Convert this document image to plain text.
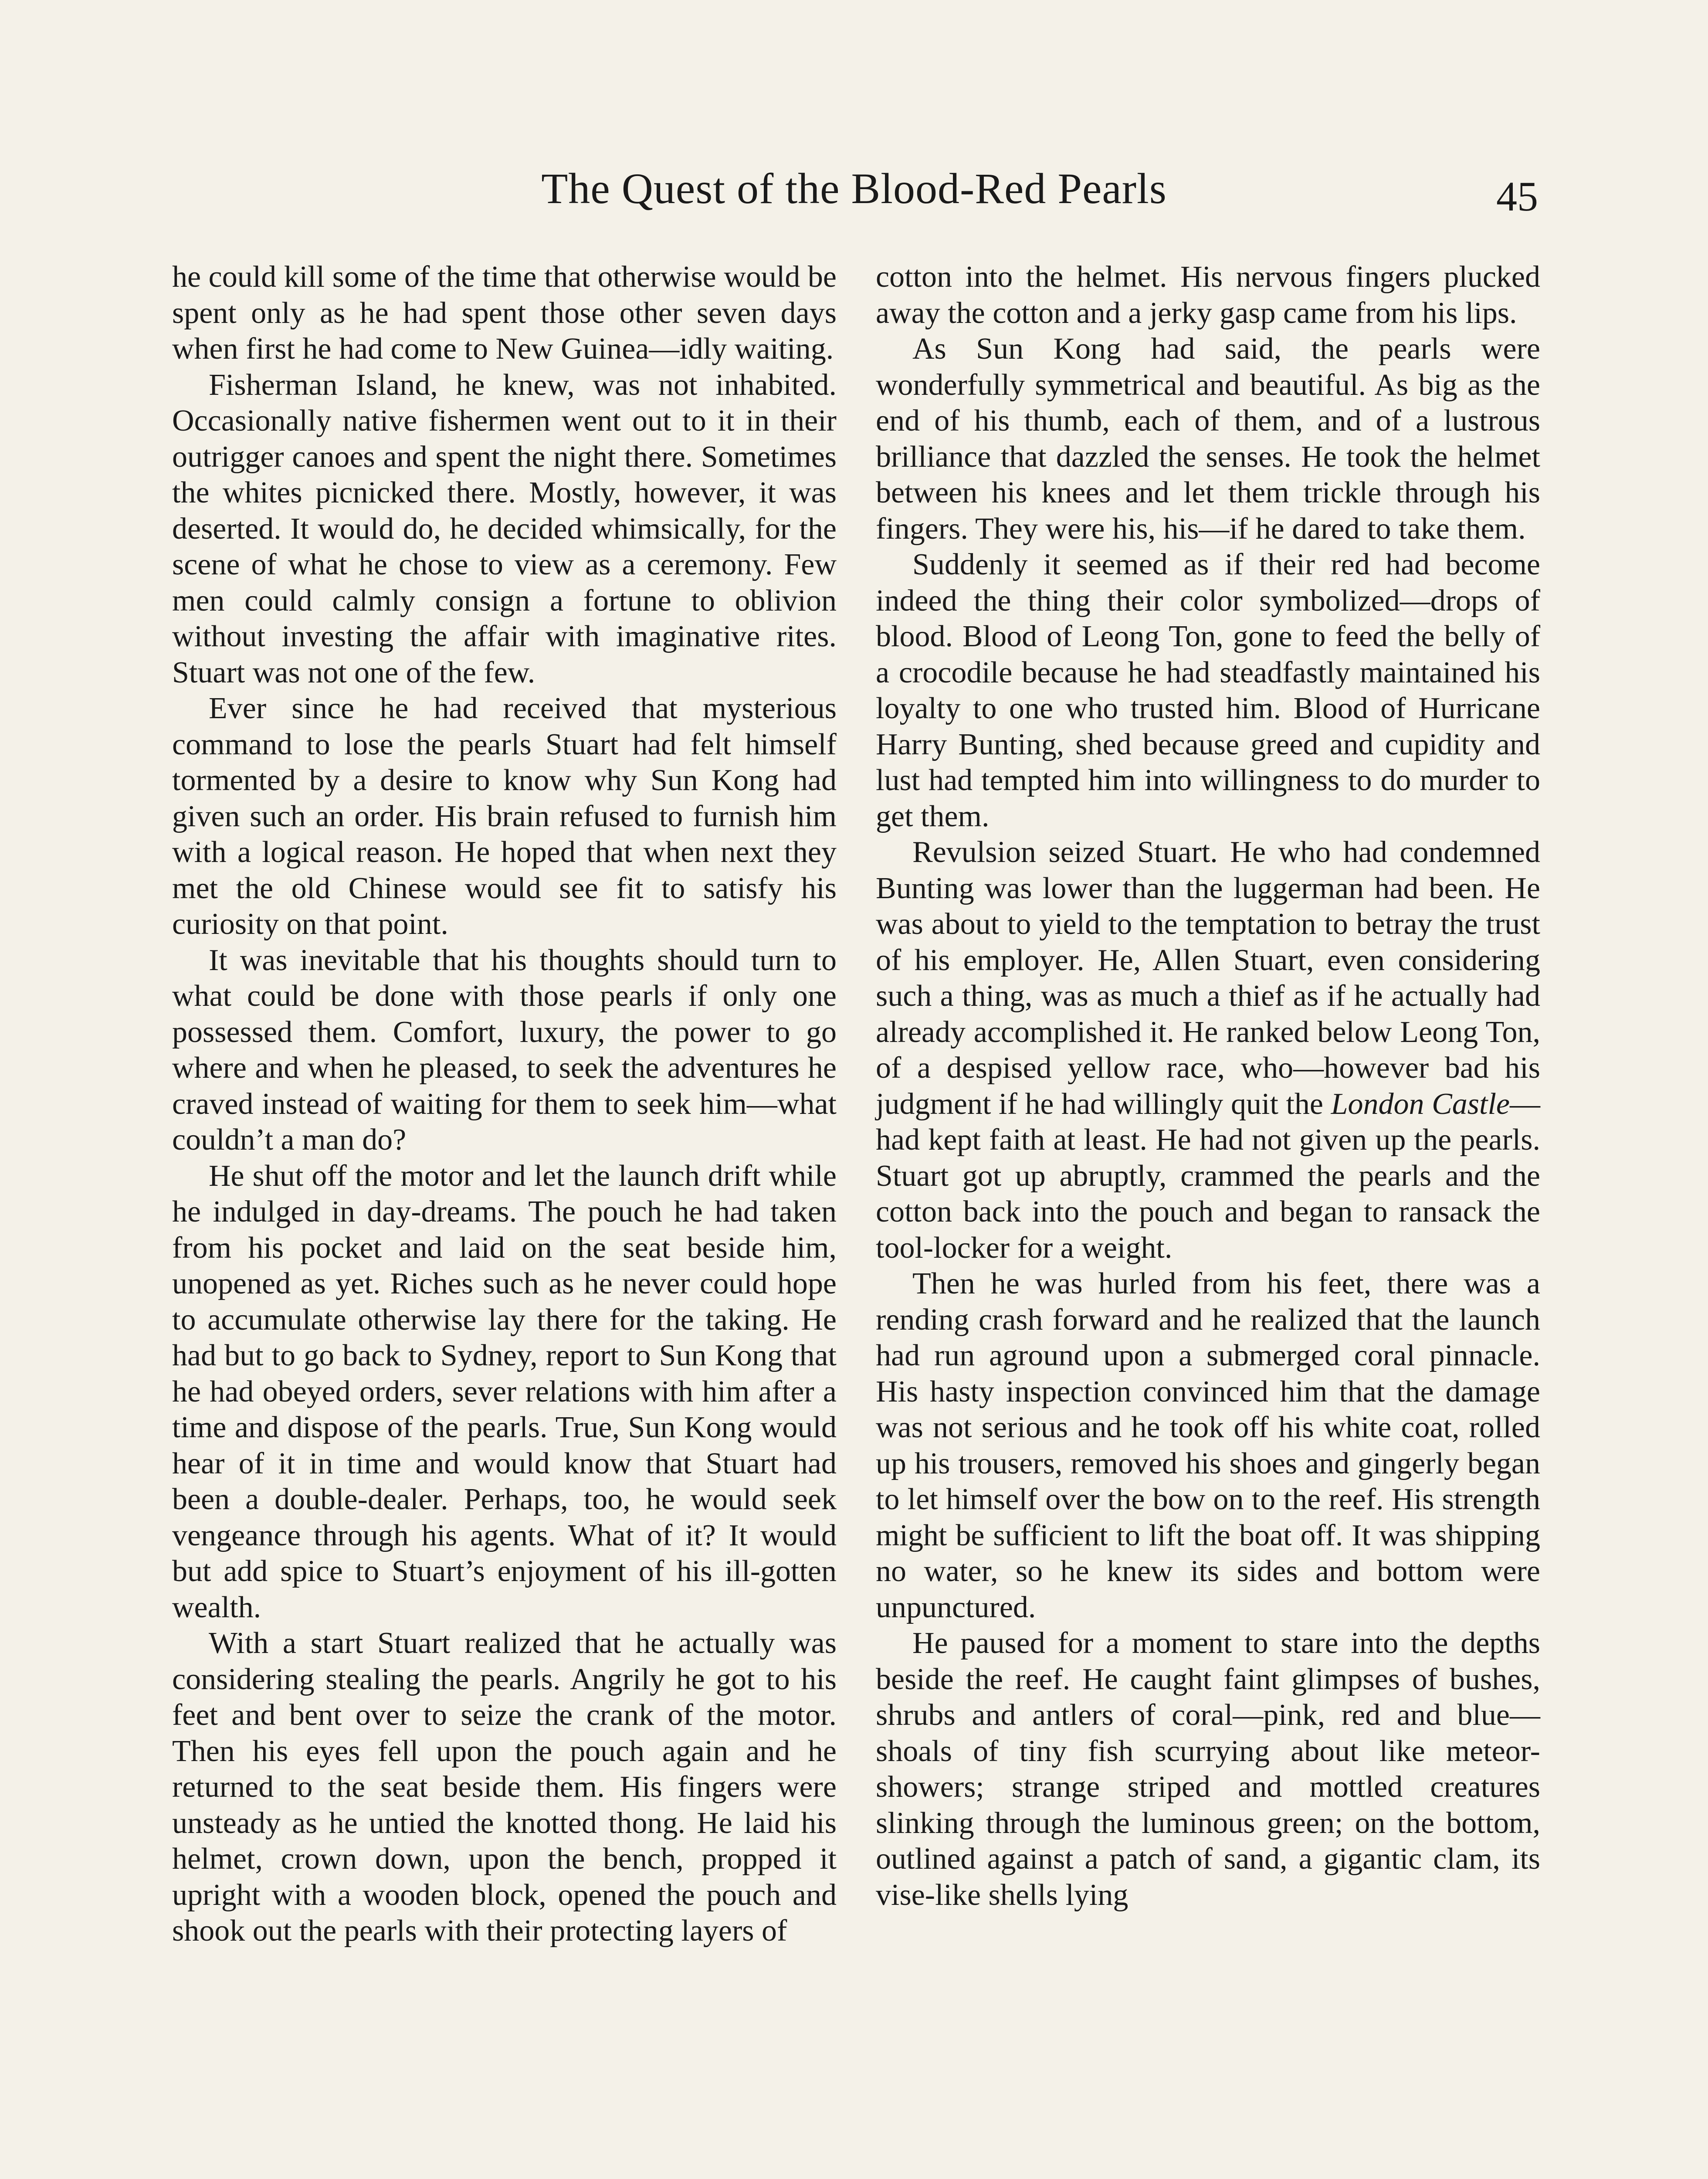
The Quest of the Blood-Red Pearls	45

he could kill some of the time that otherwise would be spent only as he had spent those other seven days when first he had come to New Guinea—idly waiting.

Fisherman Island, he knew, was not inhabited. Occasionally native fishermen went out to it in their outrigger canoes and spent the night there. Sometimes the whites picnicked there. Mostly, however, it was deserted. It would do, he decided whimsically, for the scene of what he chose to view as a ceremony. Few men could calmly consign a fortune to oblivion without investing the affair with imaginative rites. Stuart was not one of the few.

Ever since he had received that mysterious command to lose the pearls Stuart had felt himself tormented by a desire to know why Sun Kong had given such an order. His brain refused to furnish him with a logical reason. He hoped that when next they met the old Chinese would see fit to satisfy his curiosity on that point.

It was inevitable that his thoughts should turn to what could be done with those pearls if only one possessed them. Comfort, luxury, the power to go where and when he pleased, to seek the adventures he craved instead of waiting for them to seek him—what couldn’t a man do?

He shut off the motor and let the launch drift while he indulged in day-dreams. The pouch he had taken from his pocket and laid on the seat beside him, unopened as yet. Riches such as he never could hope to accumulate otherwise lay there for the taking. He had but to go back to Sydney, report to Sun Kong that he had obeyed orders, sever relations with him after a time and dispose of the pearls. True, Sun Kong would hear of it in time and would know that Stuart had been a double-dealer. Perhaps, too, he would seek vengeance through his agents. What of it? It would but add spice to Stuart’s enjoyment of his ill-gotten wealth.

With a start Stuart realized that he actually was considering stealing the pearls. Angrily he got to his feet and bent over to seize the crank of the motor. Then his eyes fell upon the pouch again and he returned to the seat beside them. His fingers were unsteady as he untied the knotted thong. He laid his helmet, crown down, upon the bench, propped it upright with a wooden block, opened the pouch and shook out the pearls with their protecting layers of

cotton into the helmet. His nervous fingers plucked away the cotton and a jerky gasp came from his lips.

As Sun Kong had said, the pearls were wonderfully symmetrical and beautiful. As big as the end of his thumb, each of them, and of a lustrous brilliance that dazzled the senses. He took the helmet between his knees and let them trickle through his fingers. They were his, his—if he dared to take them.

Suddenly it seemed as if their red had become indeed the thing their color symbolized—drops of blood. Blood of Leong Ton, gone to feed the belly of a crocodile because he had steadfastly maintained his loyalty to one who trusted him. Blood of Hurricane Harry Bunting, shed because greed and cupidity and lust had tempted him into willingness to do murder to get them.

Revulsion seized Stuart. He who had condemned Bunting was lower than the luggerman had been. He was about to yield to the temptation to betray the trust of his employer. He, Allen Stuart, even considering such a thing, was as much a thief as if he actually had already accomplished it. He ranked below Leong Ton, of a despised yellow race, who—however bad his judgment if he had willingly quit the London Castle—had kept faith at least. He had not given up the pearls. Stuart got up abruptly, crammed the pearls and the cotton back into the pouch and began to ransack the tool-locker for a weight.

Then he was hurled from his feet, there was a rending crash forward and he realized that the launch had run aground upon a submerged coral pinnacle. His hasty inspection convinced him that the damage was not serious and he took off his white coat, rolled up his trousers, removed his shoes and gingerly began to let himself over the bow on to the reef. His strength might be sufficient to lift the boat off. It was shipping no water, so he knew its sides and bottom were unpunctured.

He paused for a moment to stare into the depths beside the reef. He caught faint glimpses of bushes, shrubs and antlers of coral—pink, red and blue—shoals of tiny fish scurrying about like meteor-showers; strange striped and mottled creatures slinking through the luminous green; on the bottom, outlined against a patch of sand, a gigantic clam, its vise-like shells lying
